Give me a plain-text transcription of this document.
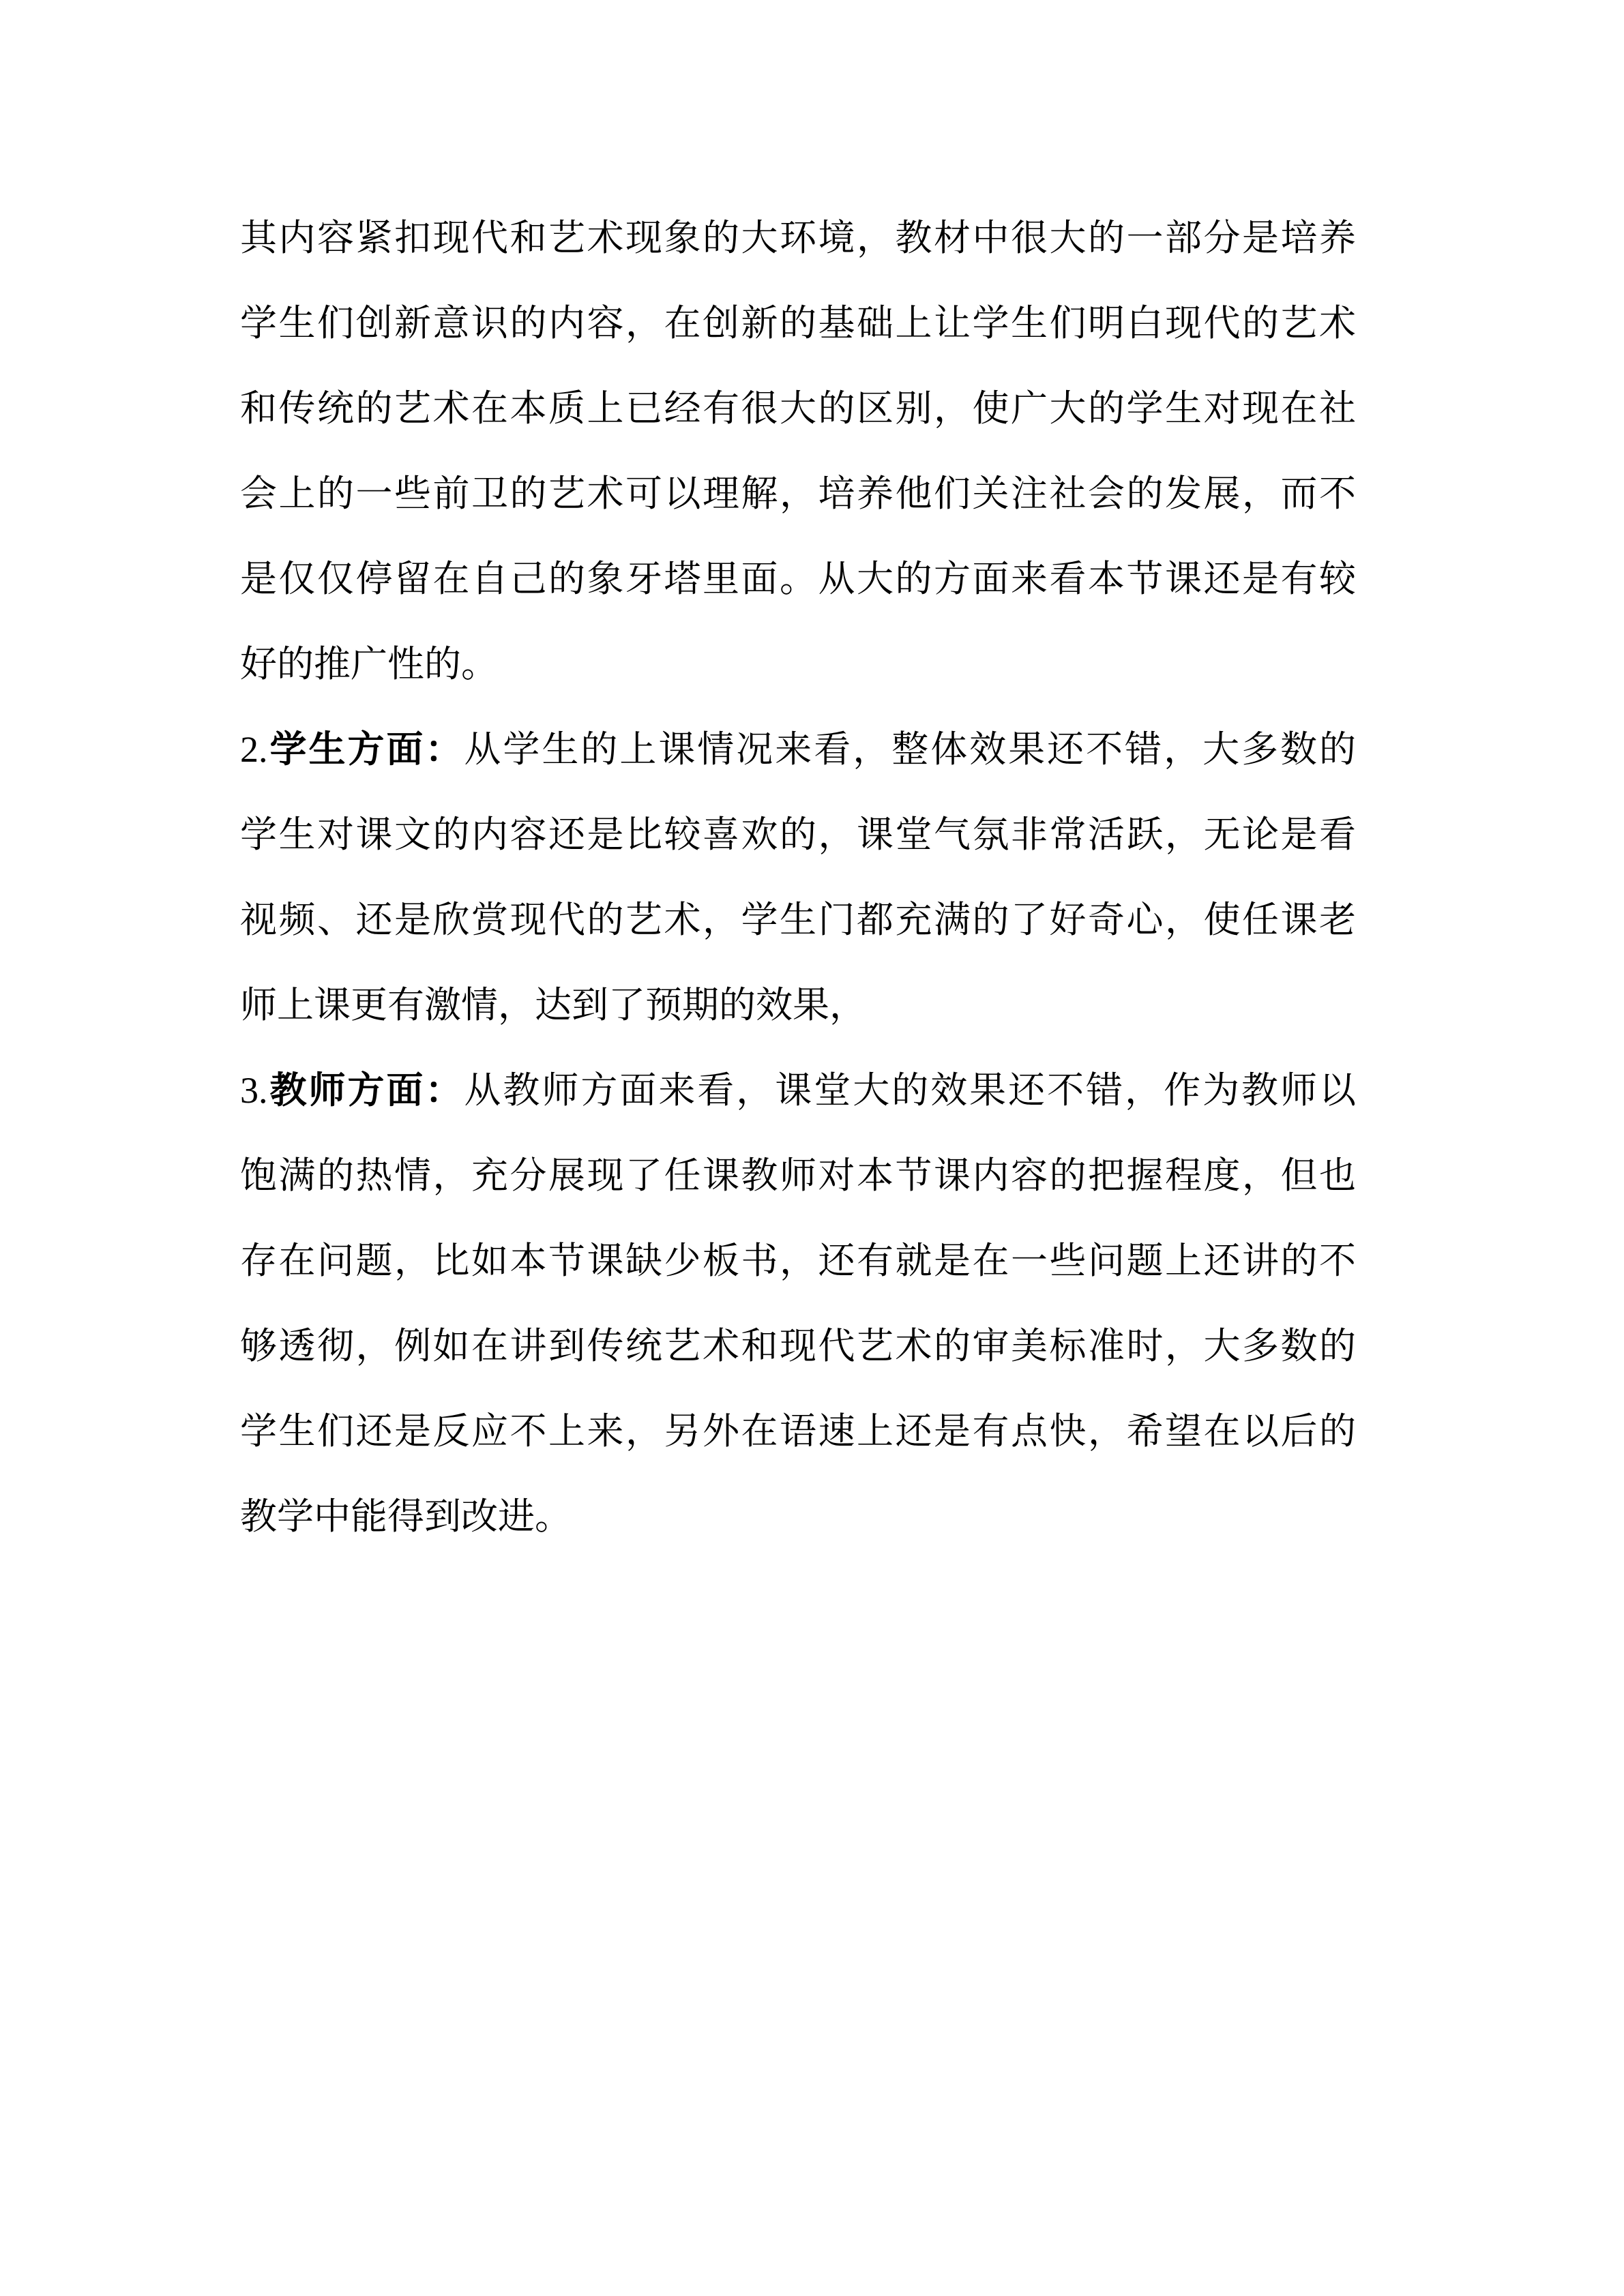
其内容紧扣现代和艺术现象的大环境，教材中很大的一部分是培养
学生们创新意识的内容，在创新的基础上让学生们明白现代的艺术
和传统的艺术在本质上已经有很大的区别，使广大的学生对现在社
会上的一些前卫的艺术可以理解，培养他们关注社会的发展，而不
是仅仅停留在自己的象牙塔里面。从大的方面来看本节课还是有较
好的推广性的。
2.学生方面：从学生的上课情况来看，整体效果还不错，大多数的
学生对课文的内容还是比较喜欢的，课堂气氛非常活跃，无论是看
视频、还是欣赏现代的艺术，学生门都充满的了好奇心，使任课老
师上课更有激情，达到了预期的效果，
3.教师方面：从教师方面来看，课堂大的效果还不错，作为教师以
饱满的热情，充分展现了任课教师对本节课内容的把握程度，但也
存在问题，比如本节课缺少板书，还有就是在一些问题上还讲的不
够透彻，例如在讲到传统艺术和现代艺术的审美标准时，大多数的
学生们还是反应不上来，另外在语速上还是有点快，希望在以后的
教学中能得到改进。
